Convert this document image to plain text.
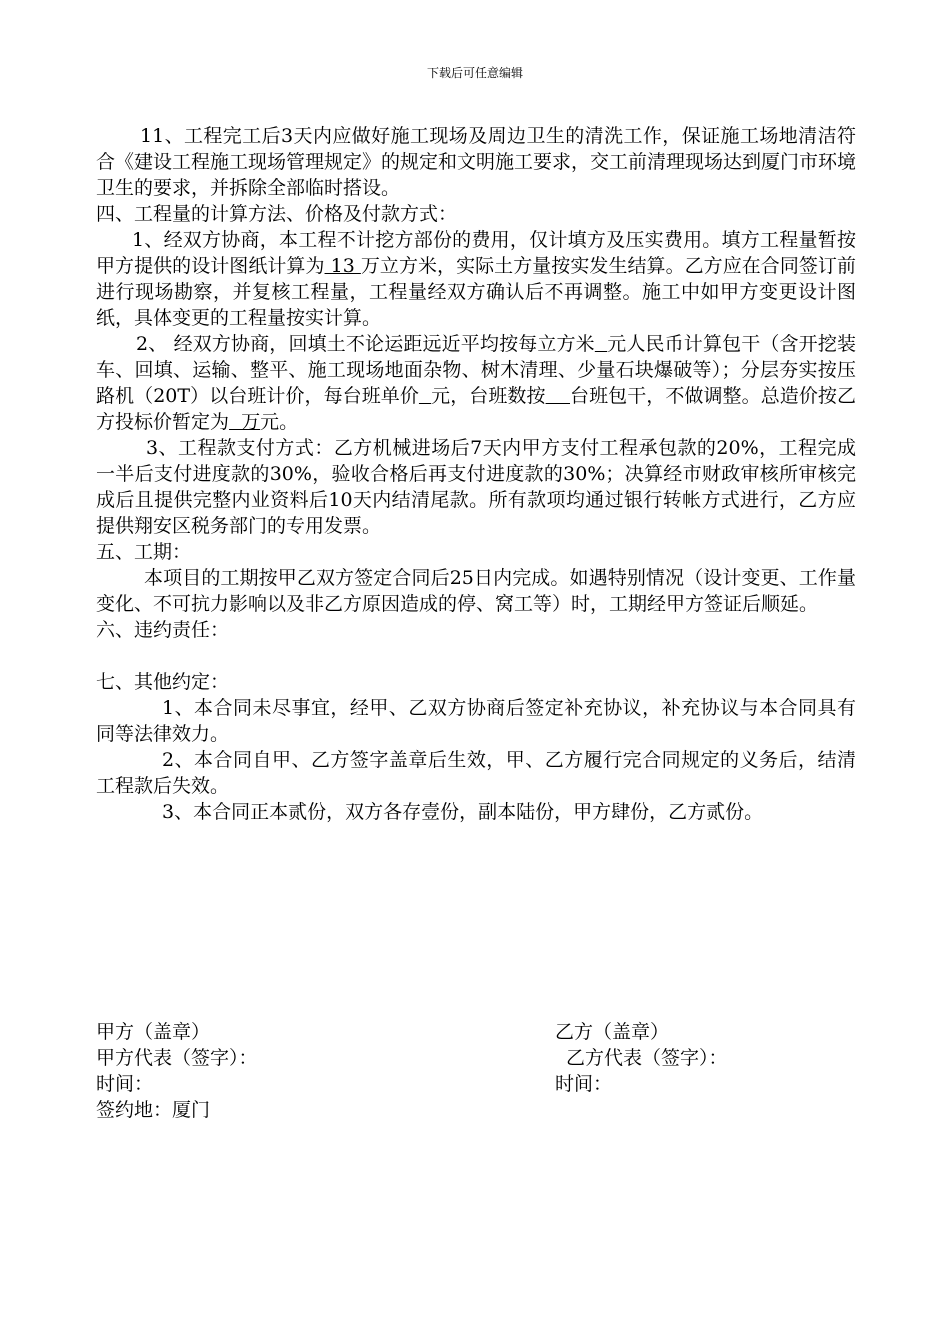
下载后可任意编辑

11、工程完工后3天内应做好施工现场及周边卫生的清洗工作，保证施工场地清洁符合《建设工程施工现场管理规定》的规定和文明施工要求，交工前清理现场达到厦门市环境卫生的要求，并拆除全部临时搭设。

四、工程量的计算方法、价格及付款方式：

1、经双方协商，本工程不计挖方部份的费用，仅计填方及压实费用。填方工程量暂按甲方提供的设计图纸计算为 13 万立方米，实际土方量按实发生结算。乙方应在合同签订前进行现场勘察，并复核工程量，工程量经双方确认后不再调整。施工中如甲方变更设计图纸，具体变更的工程量按实计算。

2、 经双方协商，回填土不论运距远近平均按每立方米 元人民币计算包干（含开挖装车、回填、运输、整平、施工现场地面杂物、树木清理、少量石块爆破等）；分层夯实按压路机（20T）以台班计价，每台班单价 元，台班数按 台班包干，不做调整。总造价按乙方投标价暂定为  万元。

3、工程款支付方式：乙方机械进场后7天内甲方支付工程承包款的20%，工程完成一半后支付进度款的30%，验收合格后再支付进度款的30%；决算经市财政审核所审核完成后且提供完整内业资料后10天内结清尾款。所有款项均通过银行转帐方式进行，乙方应提供翔安区税务部门的专用发票。

五、工期：

本项目的工期按甲乙双方签定合同后25日内完成。如遇特别情况（设计变更、工作量变化、不可抗力影响以及非乙方原因造成的停、窝工等）时，工期经甲方签证后顺延。

六、违约责任：

七、其他约定：

1、本合同未尽事宜，经甲、乙双方协商后签定补充协议，补充协议与本合同具有同等法律效力。

2、本合同自甲、乙方签字盖章后生效，甲、乙方履行完合同规定的义务后，结清工程款后失效。

3、本合同正本贰份，双方各存壹份，副本陆份，甲方肆份，乙方贰份。

甲方（盖章）
甲方代表（签字）：
时间：
签约地：厦门
乙方（盖章）
乙方代表（签字）：
时间：
